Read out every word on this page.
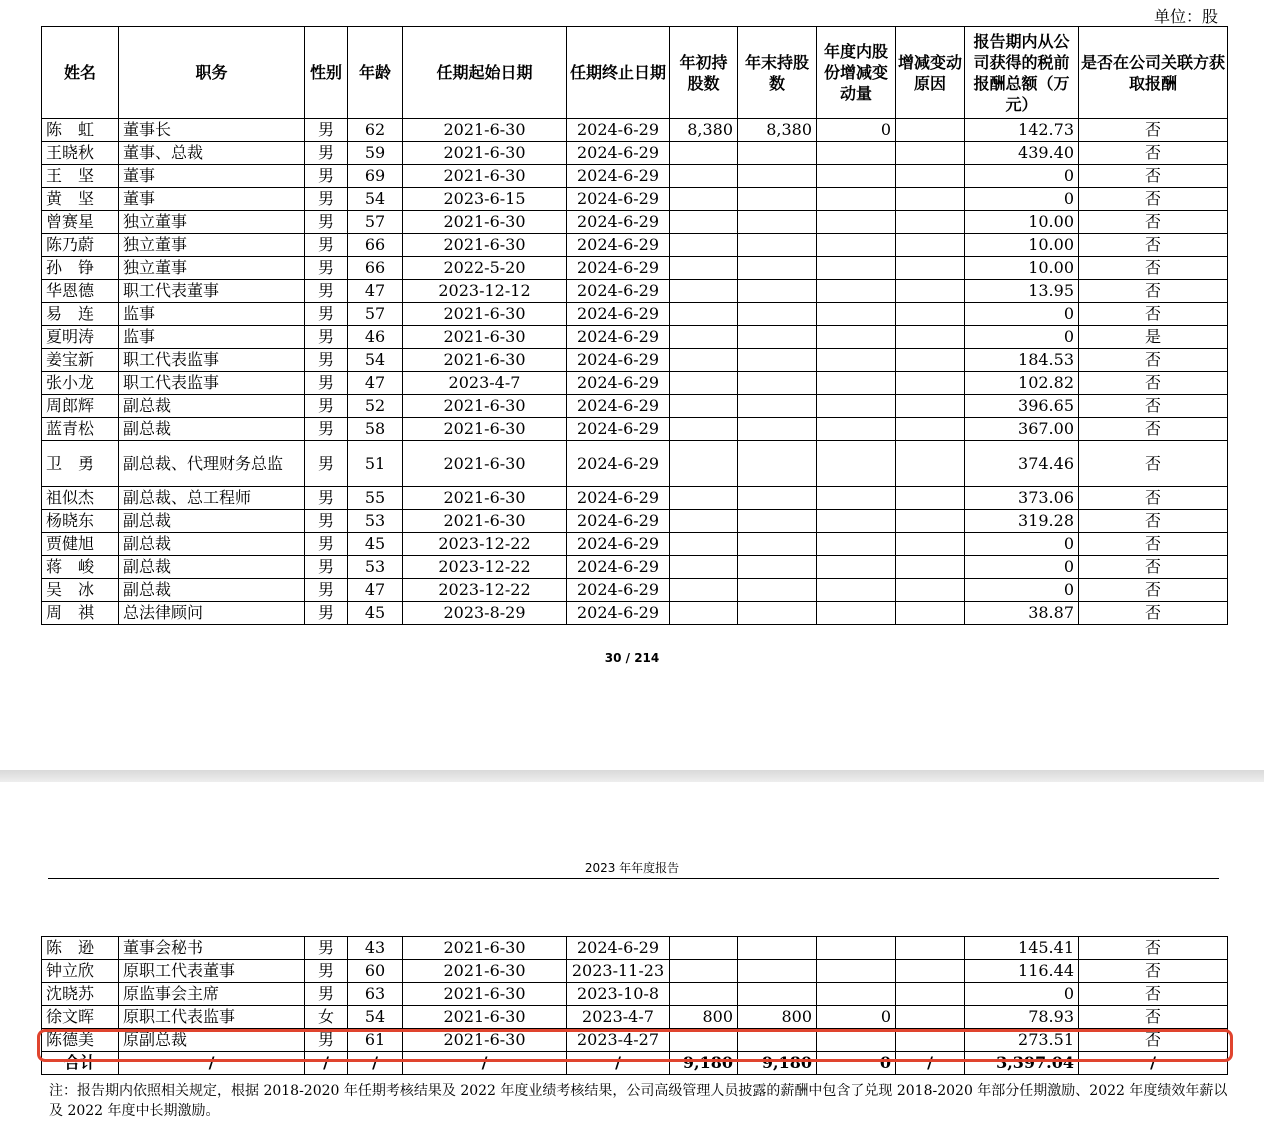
单位：股
姓名	职务	性别	年龄	任期起始日期	任期终止日期	年初持股数	年末持股数	年度内股份增减变动量	增减变动原因	报告期内从公司获得的税前报酬总额（万元）	是否在公司关联方获取报酬
陈　虹	董事长	男	62	2021-6-30	2024-6-29	8,380	8,380	0		142.73	否
王晓秋	董事、总裁	男	59	2021-6-30	2024-6-29					439.40	否
王　坚	董事	男	69	2021-6-30	2024-6-29					0	否
黄　坚	董事	男	54	2023-6-15	2024-6-29					0	否
曾赛星	独立董事	男	57	2021-6-30	2024-6-29					10.00	否
陈乃蔚	独立董事	男	66	2021-6-30	2024-6-29					10.00	否
孙　铮	独立董事	男	66	2022-5-20	2024-6-29					10.00	否
华恩德	职工代表董事	男	47	2023-12-12	2024-6-29					13.95	否
易　连	监事	男	57	2021-6-30	2024-6-29					0	否
夏明涛	监事	男	46	2021-6-30	2024-6-29					0	是
姜宝新	职工代表监事	男	54	2021-6-30	2024-6-29					184.53	否
张小龙	职工代表监事	男	47	2023-4-7	2024-6-29					102.82	否
周郎辉	副总裁	男	52	2021-6-30	2024-6-29					396.65	否
蓝青松	副总裁	男	58	2021-6-30	2024-6-29					367.00	否
卫　勇	副总裁、代理财务总监	男	51	2021-6-30	2024-6-29					374.46	否
祖似杰	副总裁、总工程师	男	55	2021-6-30	2024-6-29					373.06	否
杨晓东	副总裁	男	53	2021-6-30	2024-6-29					319.28	否
贾健旭	副总裁	男	45	2023-12-22	2024-6-29					0	否
蒋　峻	副总裁	男	53	2023-12-22	2024-6-29					0	否
吴　冰	副总裁	男	47	2023-12-22	2024-6-29					0	否
周　祺	总法律顾问	男	45	2023-8-29	2024-6-29					38.87	否
30 / 214
2023 年年度报告
陈　逊	董事会秘书	男	43	2021-6-30	2024-6-29					145.41	否
钟立欣	原职工代表董事	男	60	2021-6-30	2023-11-23					116.44	否
沈晓苏	原监事会主席	男	63	2021-6-30	2023-10-8					0	否
徐文晖	原职工代表监事	女	54	2021-6-30	2023-4-7	800	800	0		78.93	否
陈德美	原副总裁	男	61	2021-6-30	2023-4-27					273.51	否
合计	/	/	/	/	/	9,180	9,180	0	/	3,397.04	/
注：报告期内依照相关规定，根据 2018-2020 年任期考核结果及 2022 年度业绩考核结果，公司高级管理人员披露的薪酬中包含了兑现 2018-2020 年部分任期激励、2022 年度绩效年薪以及 2022 年度中长期激励。
